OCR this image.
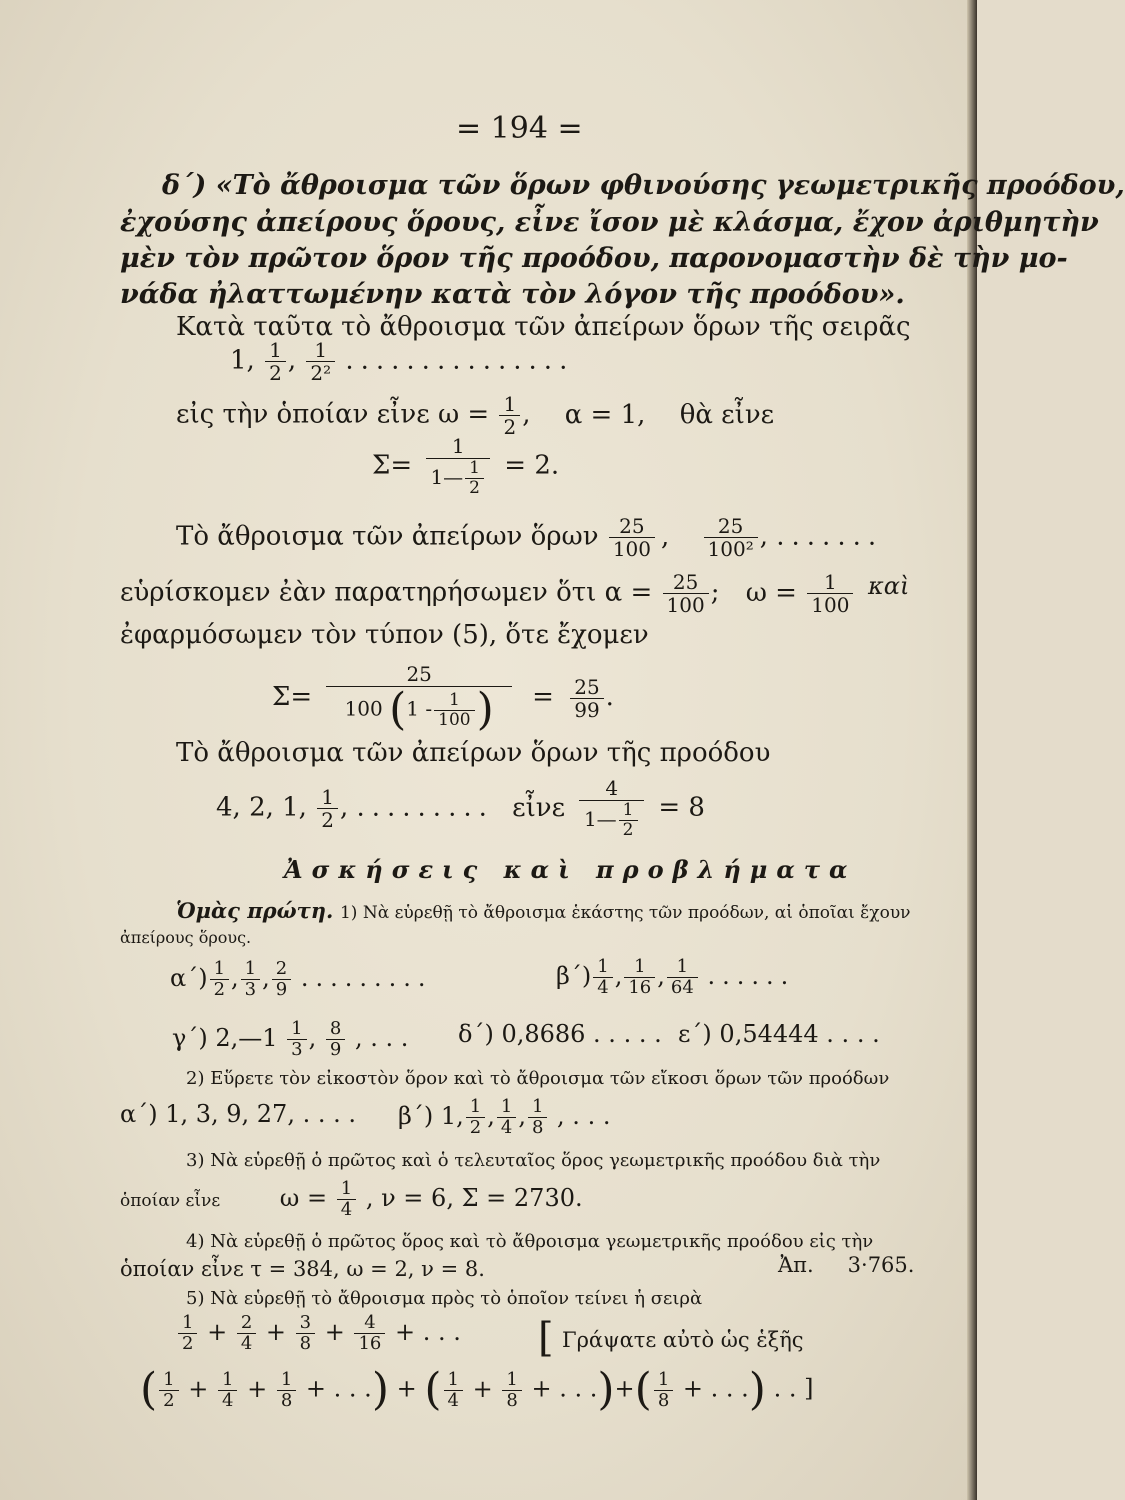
= 194 =
δ΄) «Τὸ ἄθροισμα τῶν ὅρων φθινούσης γεωμετρικῆς προόδου,
ἐχούσης ἀπείρους ὅρους, εἶνε ἴσον μὲ κλάσμα, ἔχον ἀριθμητὴν
μὲν τὸν πρῶτον ὅρον τῆς προόδου, παρονομαστὴν δὲ τὴν μο-
νάδα ἠλαττωμένην κατὰ τὸν λόγον τῆς προόδου».
Κατὰ ταῦτα τὸ ἄθροισμα τῶν ἀπείρων ὅρων τῆς σειρᾶς
1, $\frac{1}{2}$ , $\frac{1}{\text{2²}}$ ...............
εἰς τὴν ὁποίαν εἶνε $\omega = \frac{1}{2}$ , α = 1, θὰ εἶνε
$\Sigma= \frac{1}{1— \frac{1}{2}} = 2$.
Τὸ ἄθροισμα τῶν ἀπείρων ὅρων $\frac{25}{100}$ , $\frac{25}{\text{100²}}$ , .......
εὑρίσκομεν ἐὰν παρατηρήσωμεν ὅτι $\alpha = \frac{25}{100}$ ; $\omega = \frac{1}{100}$ καὶ
ἐφαρμόσωμεν τὸν τύπον (5), ὅτε ἔχομεν
$\Sigma= \frac{25}{100 (1 - \frac{1}{100} )} = \frac{25}{99}$ .
Τὸ ἄθροισμα τῶν ἀπείρων ὅρων τῆς προόδου
4, 2, 1, $\frac{1}{2}$ , ......... εἶνε $\frac{4}{1— \frac{1}{2}} = 8$
Ἀσκήσεις καὶ προβλήματα
Ὁμὰς πρώτη. 1) Νὰ εὑρεθῇ τὸ ἄθροισμα ἑκάστης τῶν προόδων, αἱ ὁποῖαι ἔχουν
ἀπείρους ὅρους.
$\alpha΄) \frac{1}{2}$ , $\frac{1}{3}$ , $\frac{2}{9}$ .........	$\beta΄) \frac{1}{4}$ , $\frac{1}{16}$ , $\frac{1}{64}$ ......
γ΄) 2,—1 $\frac{1}{3}$ , $\frac{8}{9}$ , . . . δ΄) 0,8686 . . . . . ε΄) 0,54444 . . . .
2) Εὕρετε τὸν εἰκοστὸν ὅρον καὶ τὸ ἄθροισμα τῶν εἴκοσι ὅρων τῶν προόδων
α΄) 1, 3, 9, 27, . . . . β΄) 1, $\frac{1}{2}$ , $\frac{1}{4}$ , $\frac{1}{8}$ , . . .
3) Νὰ εὑρεθῇ ὁ πρῶτος καὶ ὁ τελευταῖος ὅρος γεωμετρικῆς προόδου διὰ τὴν
ὁποίαν εἶνε $\omega = \frac{1}{4}$ , ν = 6, Σ = 2730.
4) Νὰ εὑρεθῇ ὁ πρῶτος ὅρος καὶ τὸ ἄθροισμα γεωμετρικῆς προόδου εἰς τὴν
ὁποίαν εἶνε τ = 384, ω = 2, ν = 8.	Ἀπ. 3·765.
5) Νὰ εὑρεθῇ τὸ ἄθροισμα πρὸς τὸ ὁποῖον τείνει ἡ σειρὰ
$\frac{1}{2} + \frac{2}{4} + \frac{3}{8} + \frac{4}{16}$ + . . . [ Γράψατε αὐτὸ ὡς ἑξῆς
( $\frac{1}{2} + \frac{1}{4} + \frac{1}{8}$ + . . .) + ( $\frac{1}{4} + \frac{1}{8}$ + . . .)+( $\frac{1}{8}$ + . . .) . . ]
